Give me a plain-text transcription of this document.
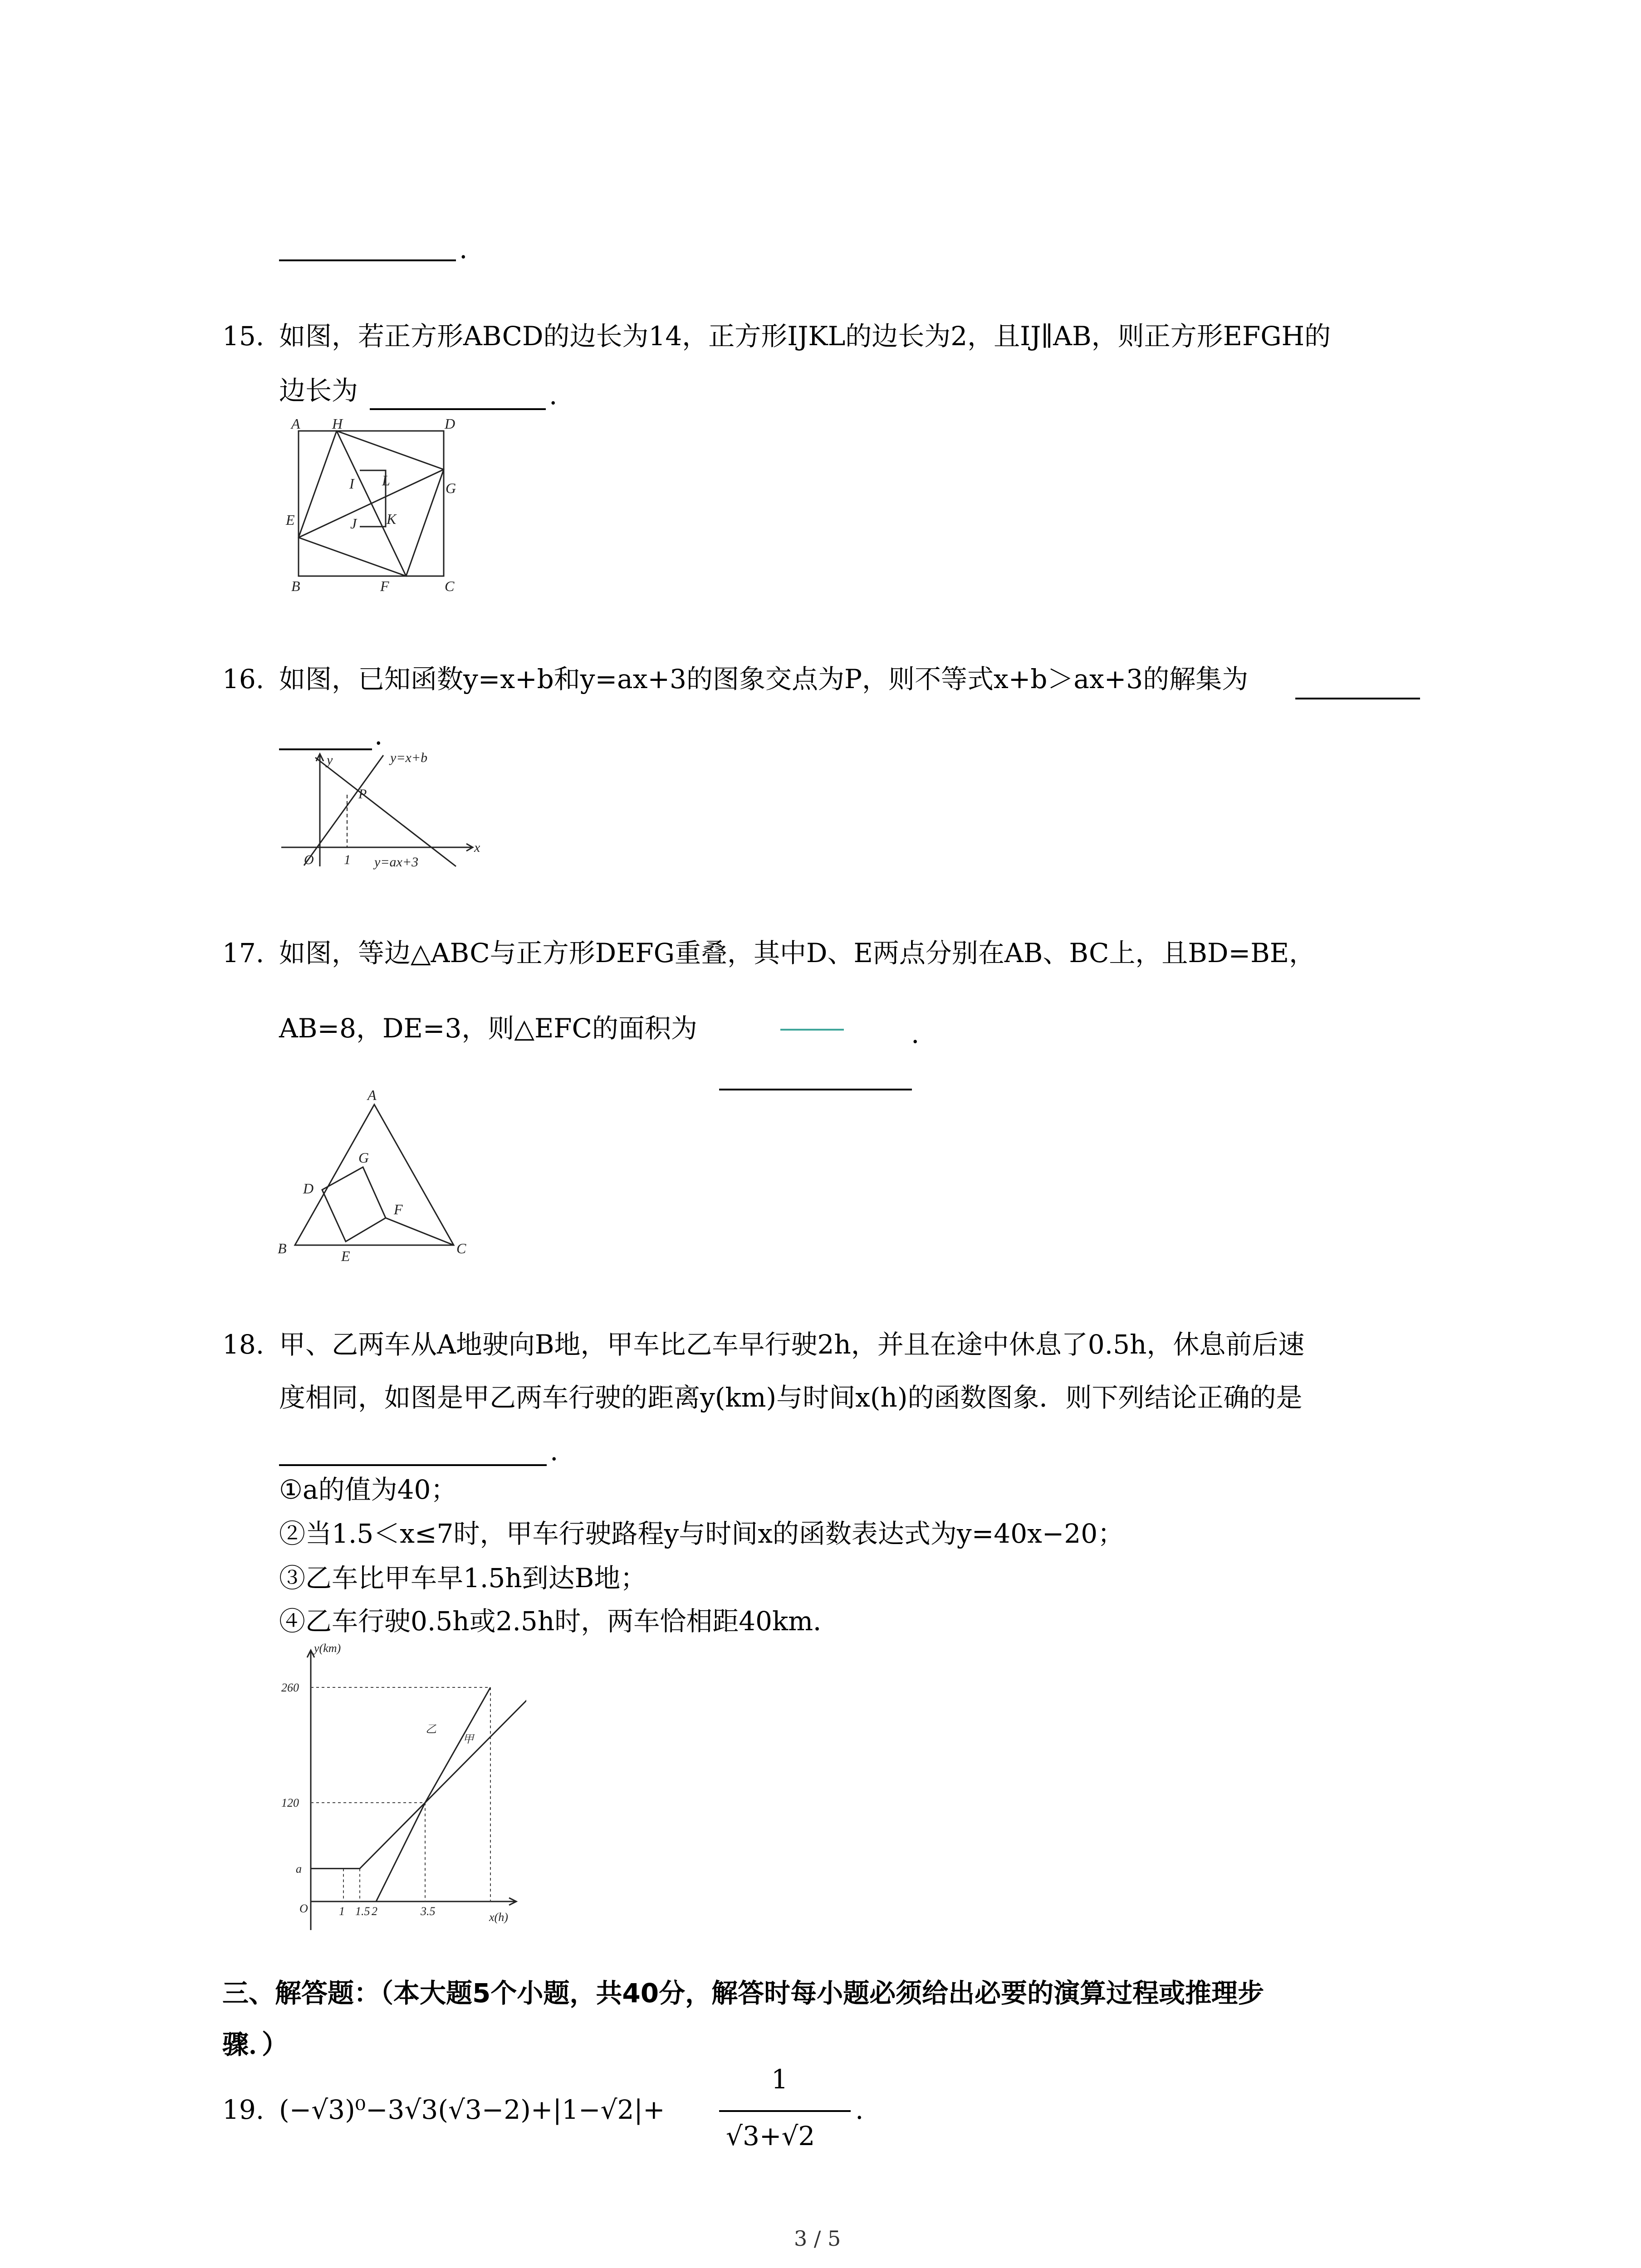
.
15. 如图，若正方形ABCD的边长为14，正方形IJKL的边长为2，且IJ∥AB，则正方形EFGH的
边长为	.
A H	D
I L	G
E	J K
B	F	C
16. 如图，已知函数y=x+b和y=ax+3的图象交点为P，则不等式x+b＞ax+3的解集为
.
y	y=x+b
P
O 1 y=ax+3
x
17. 如图，等边△ABC与正方形DEFG重叠，其中D、E两点分别在AB、BC上，且BD=BE，
AB=8，DE=3，则△EFC的面积为	.
A
G
D
F
B	E	C
18. 甲、乙两车从A地驶向B地，甲车比乙车早行驶2h，并且在途中休息了0.5h，休息前后速
度相同，如图是甲乙两车行驶的距离y(km)与时间x(h)的函数图象．则下列结论正确的是
.
①a的值为40；
②当1.5＜x≤7时，甲车行驶路程y与时间x的函数表达式为y=40x−20；
③乙车比甲车早1.5h到达B地；
④乙车行驶0.5h或2.5h时，两车恰相距40km．
1 1.5 2	3.5
a
120
260
y(km)
x(h)
O
乙
甲
三、解答题：（本大题5个小题，共40分，解答时每小题必须给出必要的演算过程或推理步
骤．）
19. (−√3)⁰−3√3(√3−2)+|1−√2|+
1
√3+√2
.
3 / 5
